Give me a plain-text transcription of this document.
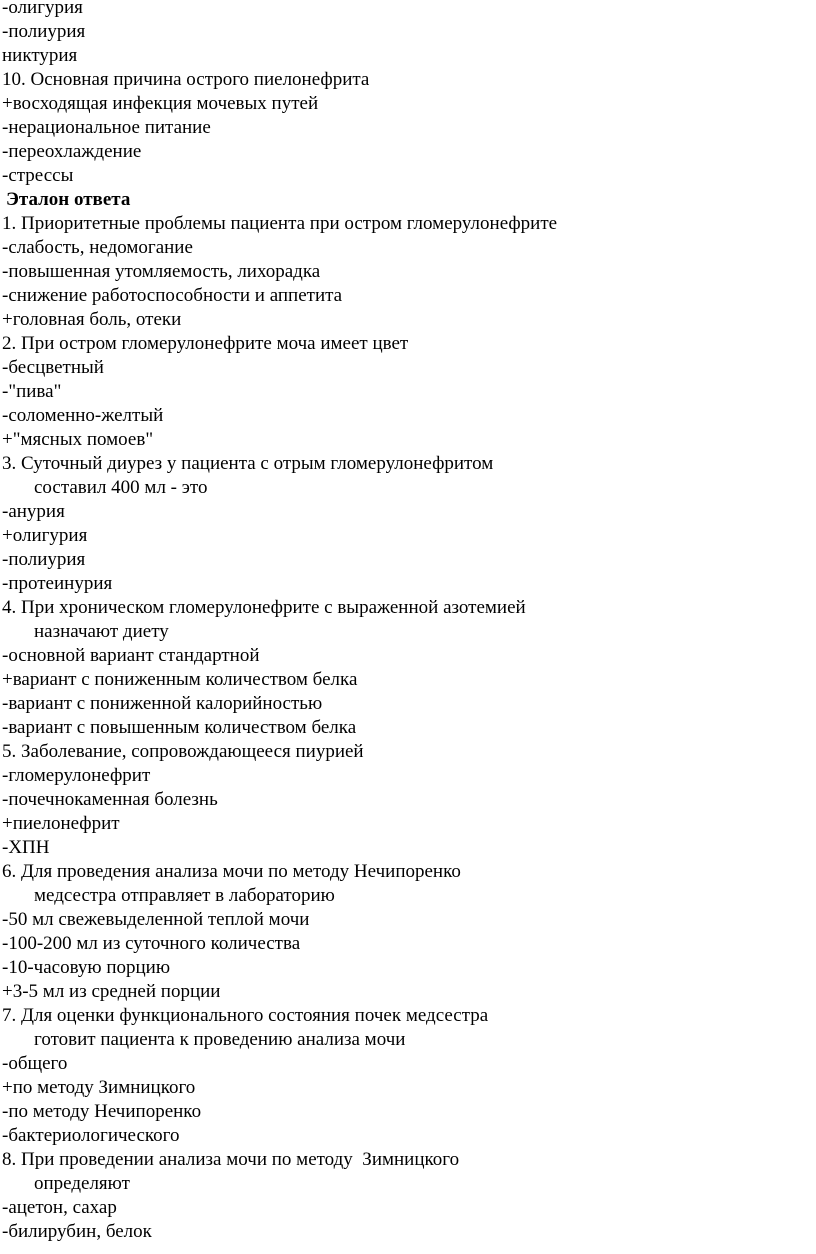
-олигурия
-полиурия
никтурия
10. Основная причина острого пиелонефрита
+восходящая инфекция мочевых путей
-нерациональное питание
-переохлаждение
-стрессы
Эталон ответа
1. Приоритетные проблемы пациента при остром гломерулонефрите
-слабость, недомогание
-повышенная утомляемость, лихорадка
-снижение работоспособности и аппетита
+головная боль, отеки
2. При остром гломерулонефрите моча имеет цвет
-бесцветный
-"пива"
-соломенно-желтый
+"мясных помоев"
3. Суточный диурез у пациента с отрым гломерулонефритом
составил 400 мл - это
-анурия
+олигурия
-полиурия
-протеинурия
4. При хроническом гломерулонефрите с выраженной азотемией
назначают диету
-основной вариант стандартной
+вариант с пониженным количеством белка
-вариант с пониженной калорийностью
-вариант с повышенным количеством белка
5. Заболевание, сопровождающееся пиурией
-гломерулонефрит
-почечнокаменная болезнь
+пиелонефрит
-ХПН
6. Для проведения анализа мочи по методу Нечипоренко
медсестра отправляет в лабораторию
-50 мл свежевыделенной теплой мочи
-100-200 мл из суточного количества
-10-часовую порцию
+3-5 мл из средней порции
7. Для оценки функционального состояния почек медсестра
готовит пациента к проведению анализа мочи
-общего
+по методу Зимницкого
-по методу Нечипоренко
-бактериологического
8. При проведении анализа мочи по методу  Зимницкого
определяют
-ацетон, сахар
-билирубин, белок
